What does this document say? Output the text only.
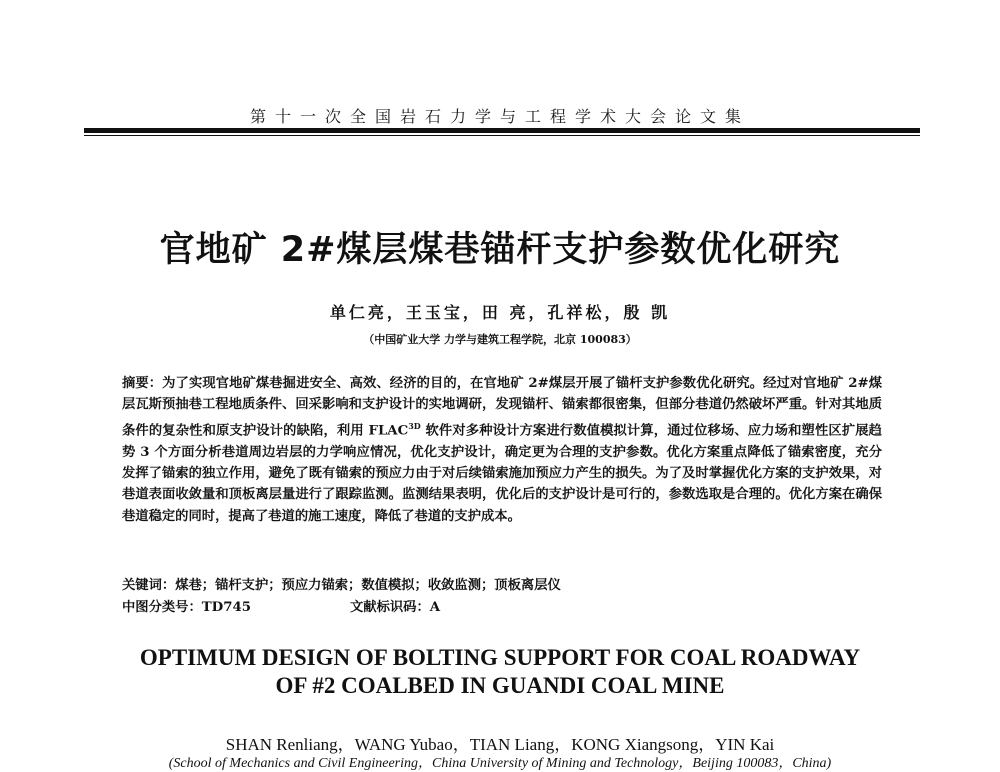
第十一次全国岩石力学与工程学术大会论文集
官地矿 2#煤层煤巷锚杆支护参数优化研究
单仁亮，王玉宝，田 亮，孔祥松，殷 凯
（中国矿业大学 力学与建筑工程学院，北京 100083）
摘要：为了实现官地矿煤巷掘进安全、高效、经济的目的，在官地矿 2#煤层开展了锚杆支护参数优化研究。经过对官地矿 2#煤层瓦斯预抽巷工程地质条件、回采影响和支护设计的实地调研，发现锚杆、锚索都很密集，但部分巷道仍然破坏严重。针对其地质条件的复杂性和原支护设计的缺陷，利用 $FLAC^{3D}$ 软件对多种设计方案进行数值模拟计算，通过位移场、应力场和塑性区扩展趋势 3 个方面分析巷道周边岩层的力学响应情况，优化支护设计，确定更为合理的支护参数。优化方案重点降低了锚索密度，充分发挥了锚索的独立作用，避免了既有锚索的预应力由于对后续锚索施加预应力产生的损失。为了及时掌握优化方案的支护效果，对巷道表面收敛量和顶板离层量进行了跟踪监测。监测结果表明，优化后的支护设计是可行的，参数选取是合理的。优化方案在确保巷道稳定的同时，提高了巷道的施工速度，降低了巷道的支护成本。
关键词：煤巷；锚杆支护；预应力锚索；数值模拟；收敛监测；顶板离层仪
中图分类号：TD745	文献标识码：A
OPTIMUM DESIGN OF BOLTING SUPPORT FOR COAL ROADWAY
OF #2 COALBED IN GUANDI COAL MINE
SHAN Renliang，WANG Yubao，TIAN Liang，KONG Xiangsong，YIN Kai
(School of Mechanics and Civil Engineering，China University of Mining and Technology，Beijing 100083，China)
